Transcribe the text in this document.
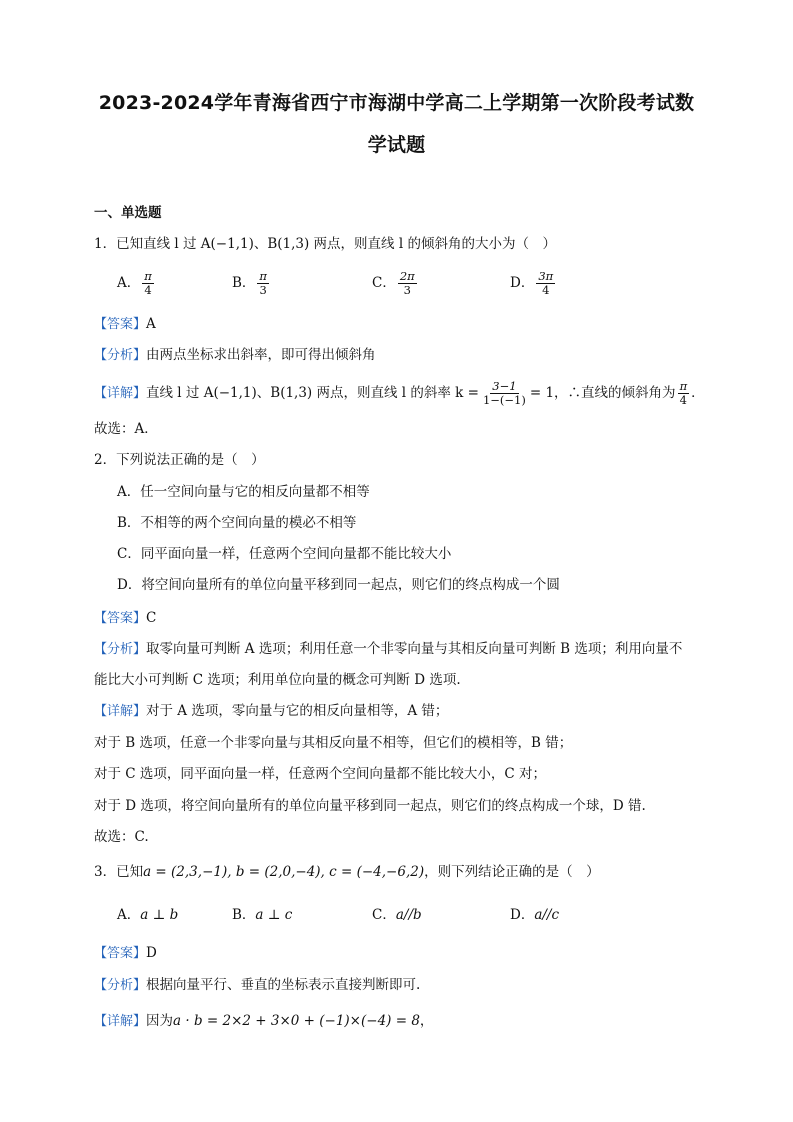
2023-2024学年青海省西宁市海湖中学高二上学期第一次阶段考试数
学试题
一、单选题
1．已知直线 l 过 A(−1,1)、B(1,3) 两点，则直线 l 的倾斜角的大小为（　）
A． $\frac{\pi}{4}$	B． $\frac{\pi}{3}$	C． $\frac{2\pi}{3}$	D． $\frac{3\pi}{4}$
【答案】A
【分析】由两点坐标求出斜率，即可得出倾斜角
【详解】直线 l 过 A(−1,1)、B(1,3) 两点，则直线 l 的斜率 $k = \frac{3-1}{1-(-1)} = 1$，∴直线的倾斜角为 $\frac{\pi}{4}$ ．
故选：A．
2．下列说法正确的是（　）
A．任一空间向量与它的相反向量都不相等
B．不相等的两个空间向量的模必不相等
C．同平面向量一样，任意两个空间向量都不能比较大小
D．将空间向量所有的单位向量平移到同一起点，则它们的终点构成一个圆
【答案】C
【分析】取零向量可判断 A 选项；利用任意一个非零向量与其相反向量可判断 B 选项；利用向量不
能比大小可判断 C 选项；利用单位向量的概念可判断 D 选项.
【详解】对于 A 选项，零向量与它的相反向量相等，A 错；
对于 B 选项，任意一个非零向量与其相反向量不相等，但它们的模相等，B 错；
对于 C 选项，同平面向量一样，任意两个空间向量都不能比较大小，C 对；
对于 D 选项，将空间向量所有的单位向量平移到同一起点，则它们的终点构成一个球，D 错.
故选：C.
3．已知a = (2,3,−1), b = (2,0,−4), c = (−4,−6,2)，则下列结论正确的是（　）
A．a ⊥ b	B．a ⊥ c	C．a//b	D．a//c
【答案】D
【分析】根据向量平行、垂直的坐标表示直接判断即可.
【详解】因为a · b = 2×2 + 3×0 + (−1)×(−4) = 8，
